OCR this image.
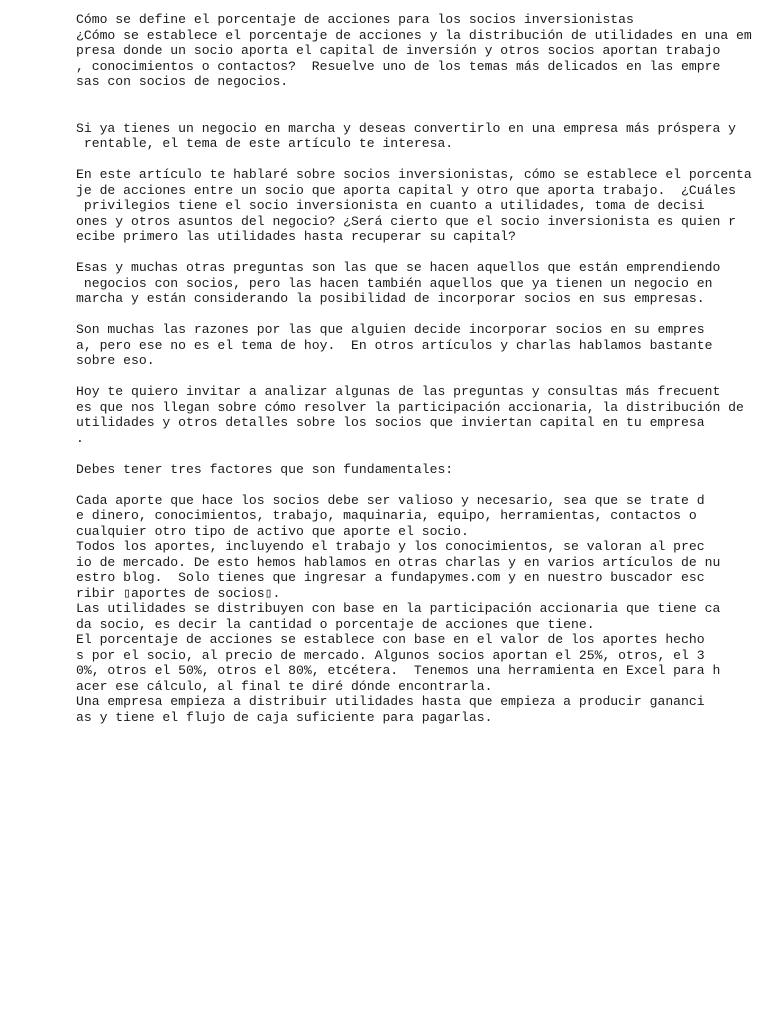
Cómo se define el porcentaje de acciones para los socios inversionistas
¿Cómo se establece el porcentaje de acciones y la distribución de utilidades en una em
presa donde un socio aporta el capital de inversión y otros socios aportan trabajo
, conocimientos o contactos?  Resuelve uno de los temas más delicados en las empre
sas con socios de negocios.
Si ya tienes un negocio en marcha y deseas convertirlo en una empresa más próspera y
rentable, el tema de este artículo te interesa.
En este artículo te hablaré sobre socios inversionistas, cómo se establece el porcenta
je de acciones entre un socio que aporta capital y otro que aporta trabajo.  ¿Cuáles
privilegios tiene el socio inversionista en cuanto a utilidades, toma de decisi
ones y otros asuntos del negocio? ¿Será cierto que el socio inversionista es quien r
ecibe primero las utilidades hasta recuperar su capital?
Esas y muchas otras preguntas son las que se hacen aquellos que están emprendiendo
negocios con socios, pero las hacen también aquellos que ya tienen un negocio en
marcha y están considerando la posibilidad de incorporar socios en sus empresas.
Son muchas las razones por las que alguien decide incorporar socios en su empres
a, pero ese no es el tema de hoy.  En otros artículos y charlas hablamos bastante
sobre eso.
Hoy te quiero invitar a analizar algunas de las preguntas y consultas más frecuent
es que nos llegan sobre cómo resolver la participación accionaria, la distribución de
utilidades y otros detalles sobre los socios que inviertan capital en tu empresa
.
Debes tener tres factores que son fundamentales:
Cada aporte que hace los socios debe ser valioso y necesario, sea que se trate d
e dinero, conocimientos, trabajo, maquinaria, equipo, herramientas, contactos o
cualquier otro tipo de activo que aporte el socio.
Todos los aportes, incluyendo el trabajo y los conocimientos, se valoran al prec
io de mercado. De esto hemos hablamos en otras charlas y en varios artículos de nu
estro blog.  Solo tienes que ingresar a fundapymes.com y en nuestro buscador esc
ribir ▯aportes de socios▯.
Las utilidades se distribuyen con base en la participación accionaria que tiene ca
da socio, es decir la cantidad o porcentaje de acciones que tiene.
El porcentaje de acciones se establece con base en el valor de los aportes hecho
s por el socio, al precio de mercado. Algunos socios aportan el 25%, otros, el 3
0%, otros el 50%, otros el 80%, etcétera.  Tenemos una herramienta en Excel para h
acer ese cálculo, al final te diré dónde encontrarla.
Una empresa empieza a distribuir utilidades hasta que empieza a producir gananci
as y tiene el flujo de caja suficiente para pagarlas.
